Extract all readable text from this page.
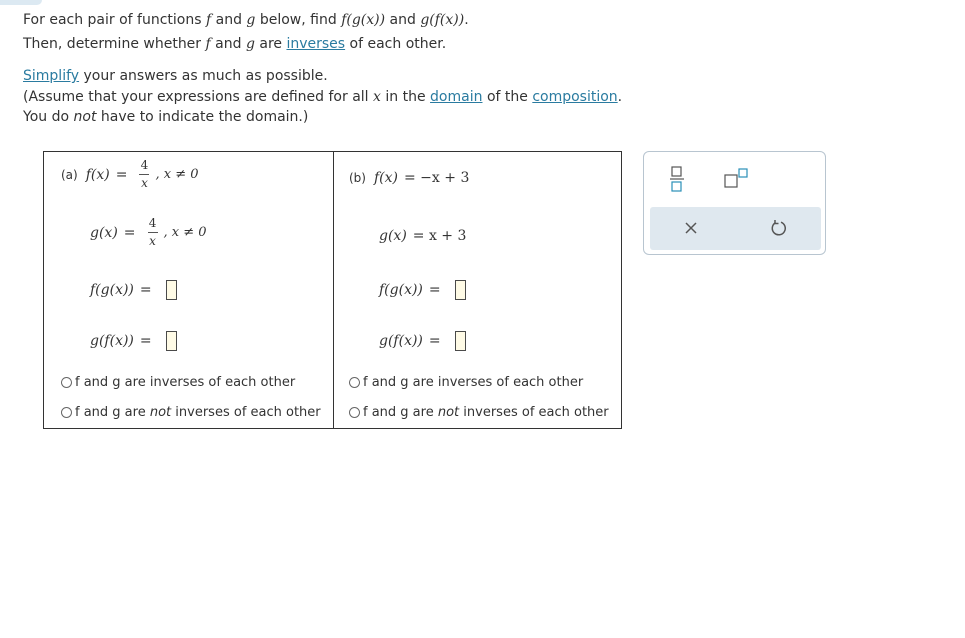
For each pair of functions f and g below, find f(g(x)) and g(f(x)).
Then, determine whether f and g are inverses of each other.
Simplify your answers as much as possible.
(Assume that your expressions are defined for all x in the domain of the composition.
You do not have to indicate the domain.)
(a) $f(x) = \frac{4}{x}$ , x ≠ 0
$g(x) = \frac{4}{x}$ , x ≠ 0
f(g(x)) =
g(f(x)) =
f and g are inverses of each other
f and g are not inverses of each other
(b) f(x) = −x + 3
g(x) = x + 3
f(g(x)) =
g(f(x)) =
f and g are inverses of each other
f and g are not inverses of each other
